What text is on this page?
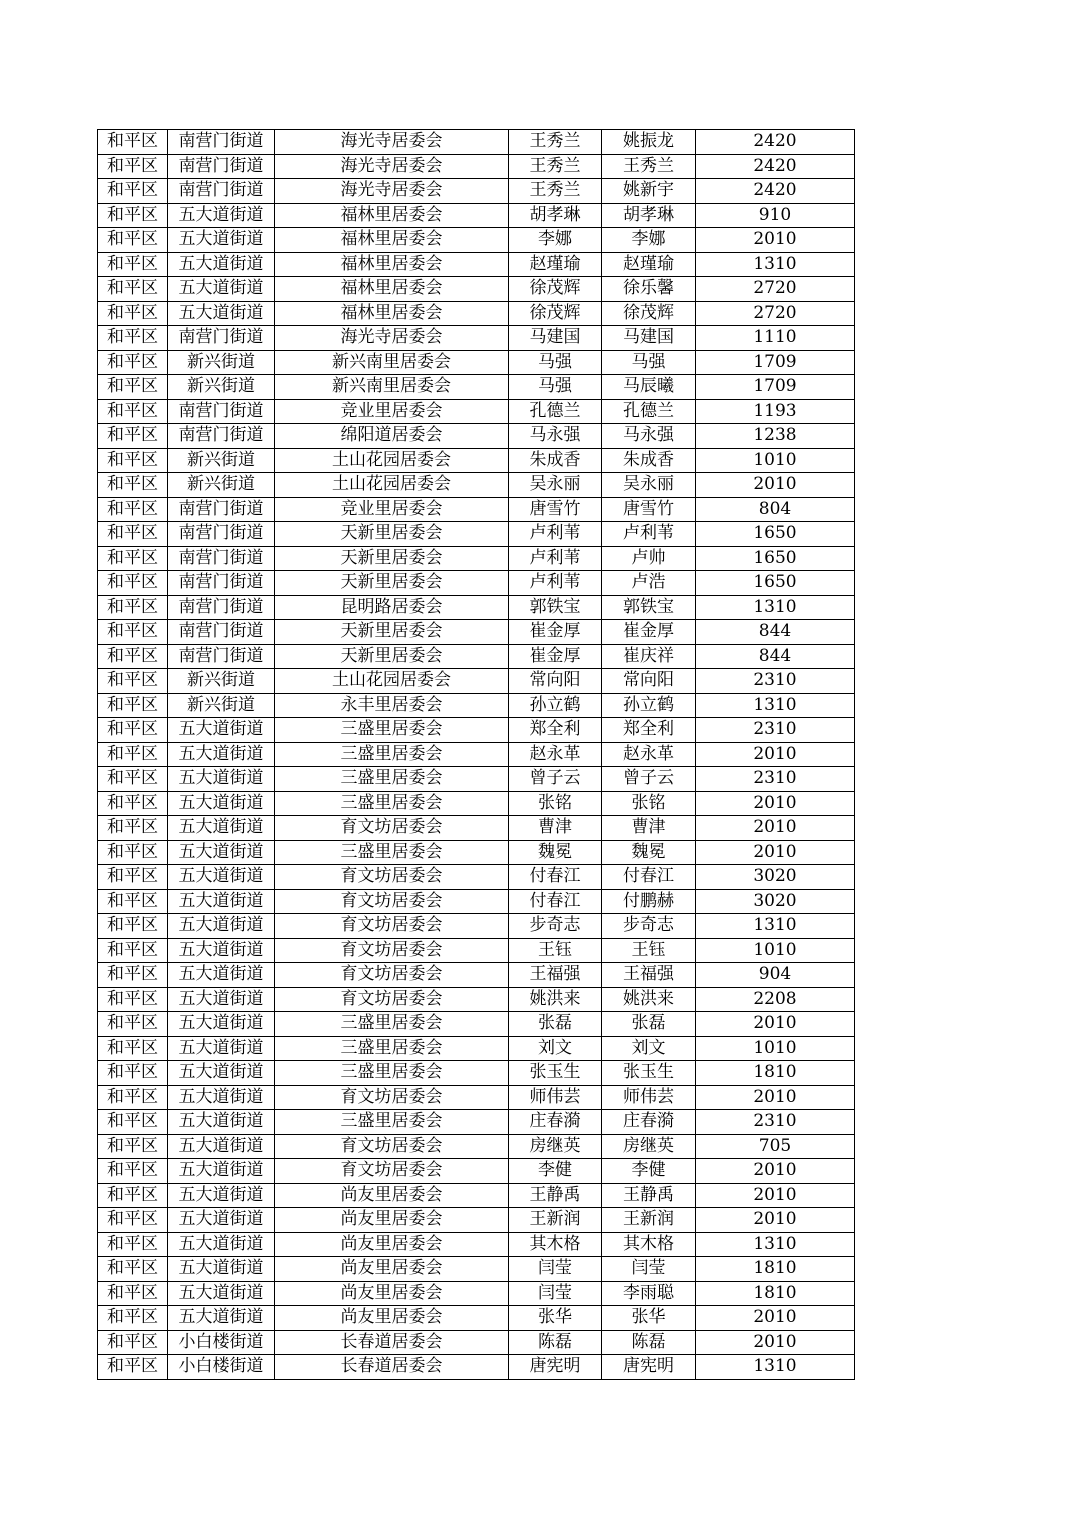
和平区	南营门街道	海光寺居委会	王秀兰	姚振龙	2420
和平区	南营门街道	海光寺居委会	王秀兰	王秀兰	2420
和平区	南营门街道	海光寺居委会	王秀兰	姚新宇	2420
和平区	五大道街道	福林里居委会	胡孝琳	胡孝琳	910
和平区	五大道街道	福林里居委会	李娜	李娜	2010
和平区	五大道街道	福林里居委会	赵瑾瑜	赵瑾瑜	1310
和平区	五大道街道	福林里居委会	徐茂辉	徐乐馨	2720
和平区	五大道街道	福林里居委会	徐茂辉	徐茂辉	2720
和平区	南营门街道	海光寺居委会	马建国	马建国	1110
和平区	新兴街道	新兴南里居委会	马强	马强	1709
和平区	新兴街道	新兴南里居委会	马强	马辰曦	1709
和平区	南营门街道	竞业里居委会	孔德兰	孔德兰	1193
和平区	南营门街道	绵阳道居委会	马永强	马永强	1238
和平区	新兴街道	土山花园居委会	朱成香	朱成香	1010
和平区	新兴街道	土山花园居委会	吴永丽	吴永丽	2010
和平区	南营门街道	竞业里居委会	唐雪竹	唐雪竹	804
和平区	南营门街道	天新里居委会	卢利苇	卢利苇	1650
和平区	南营门街道	天新里居委会	卢利苇	卢帅	1650
和平区	南营门街道	天新里居委会	卢利苇	卢浩	1650
和平区	南营门街道	昆明路居委会	郭铁宝	郭铁宝	1310
和平区	南营门街道	天新里居委会	崔金厚	崔金厚	844
和平区	南营门街道	天新里居委会	崔金厚	崔庆祥	844
和平区	新兴街道	土山花园居委会	常向阳	常向阳	2310
和平区	新兴街道	永丰里居委会	孙立鹤	孙立鹤	1310
和平区	五大道街道	三盛里居委会	郑全利	郑全利	2310
和平区	五大道街道	三盛里居委会	赵永革	赵永革	2010
和平区	五大道街道	三盛里居委会	曾子云	曾子云	2310
和平区	五大道街道	三盛里居委会	张铭	张铭	2010
和平区	五大道街道	育文坊居委会	曹津	曹津	2010
和平区	五大道街道	三盛里居委会	魏冕	魏冕	2010
和平区	五大道街道	育文坊居委会	付春江	付春江	3020
和平区	五大道街道	育文坊居委会	付春江	付鹏赫	3020
和平区	五大道街道	育文坊居委会	步奇志	步奇志	1310
和平区	五大道街道	育文坊居委会	王钰	王钰	1010
和平区	五大道街道	育文坊居委会	王福强	王福强	904
和平区	五大道街道	育文坊居委会	姚洪来	姚洪来	2208
和平区	五大道街道	三盛里居委会	张磊	张磊	2010
和平区	五大道街道	三盛里居委会	刘文	刘文	1010
和平区	五大道街道	三盛里居委会	张玉生	张玉生	1810
和平区	五大道街道	育文坊居委会	师伟芸	师伟芸	2010
和平区	五大道街道	三盛里居委会	庄春漪	庄春漪	2310
和平区	五大道街道	育文坊居委会	房继英	房继英	705
和平区	五大道街道	育文坊居委会	李健	李健	2010
和平区	五大道街道	尚友里居委会	王静禹	王静禹	2010
和平区	五大道街道	尚友里居委会	王新润	王新润	2010
和平区	五大道街道	尚友里居委会	其木格	其木格	1310
和平区	五大道街道	尚友里居委会	闫莹	闫莹	1810
和平区	五大道街道	尚友里居委会	闫莹	李雨聪	1810
和平区	五大道街道	尚友里居委会	张华	张华	2010
和平区	小白楼街道	长春道居委会	陈磊	陈磊	2010
和平区	小白楼街道	长春道居委会	唐宪明	唐宪明	1310
